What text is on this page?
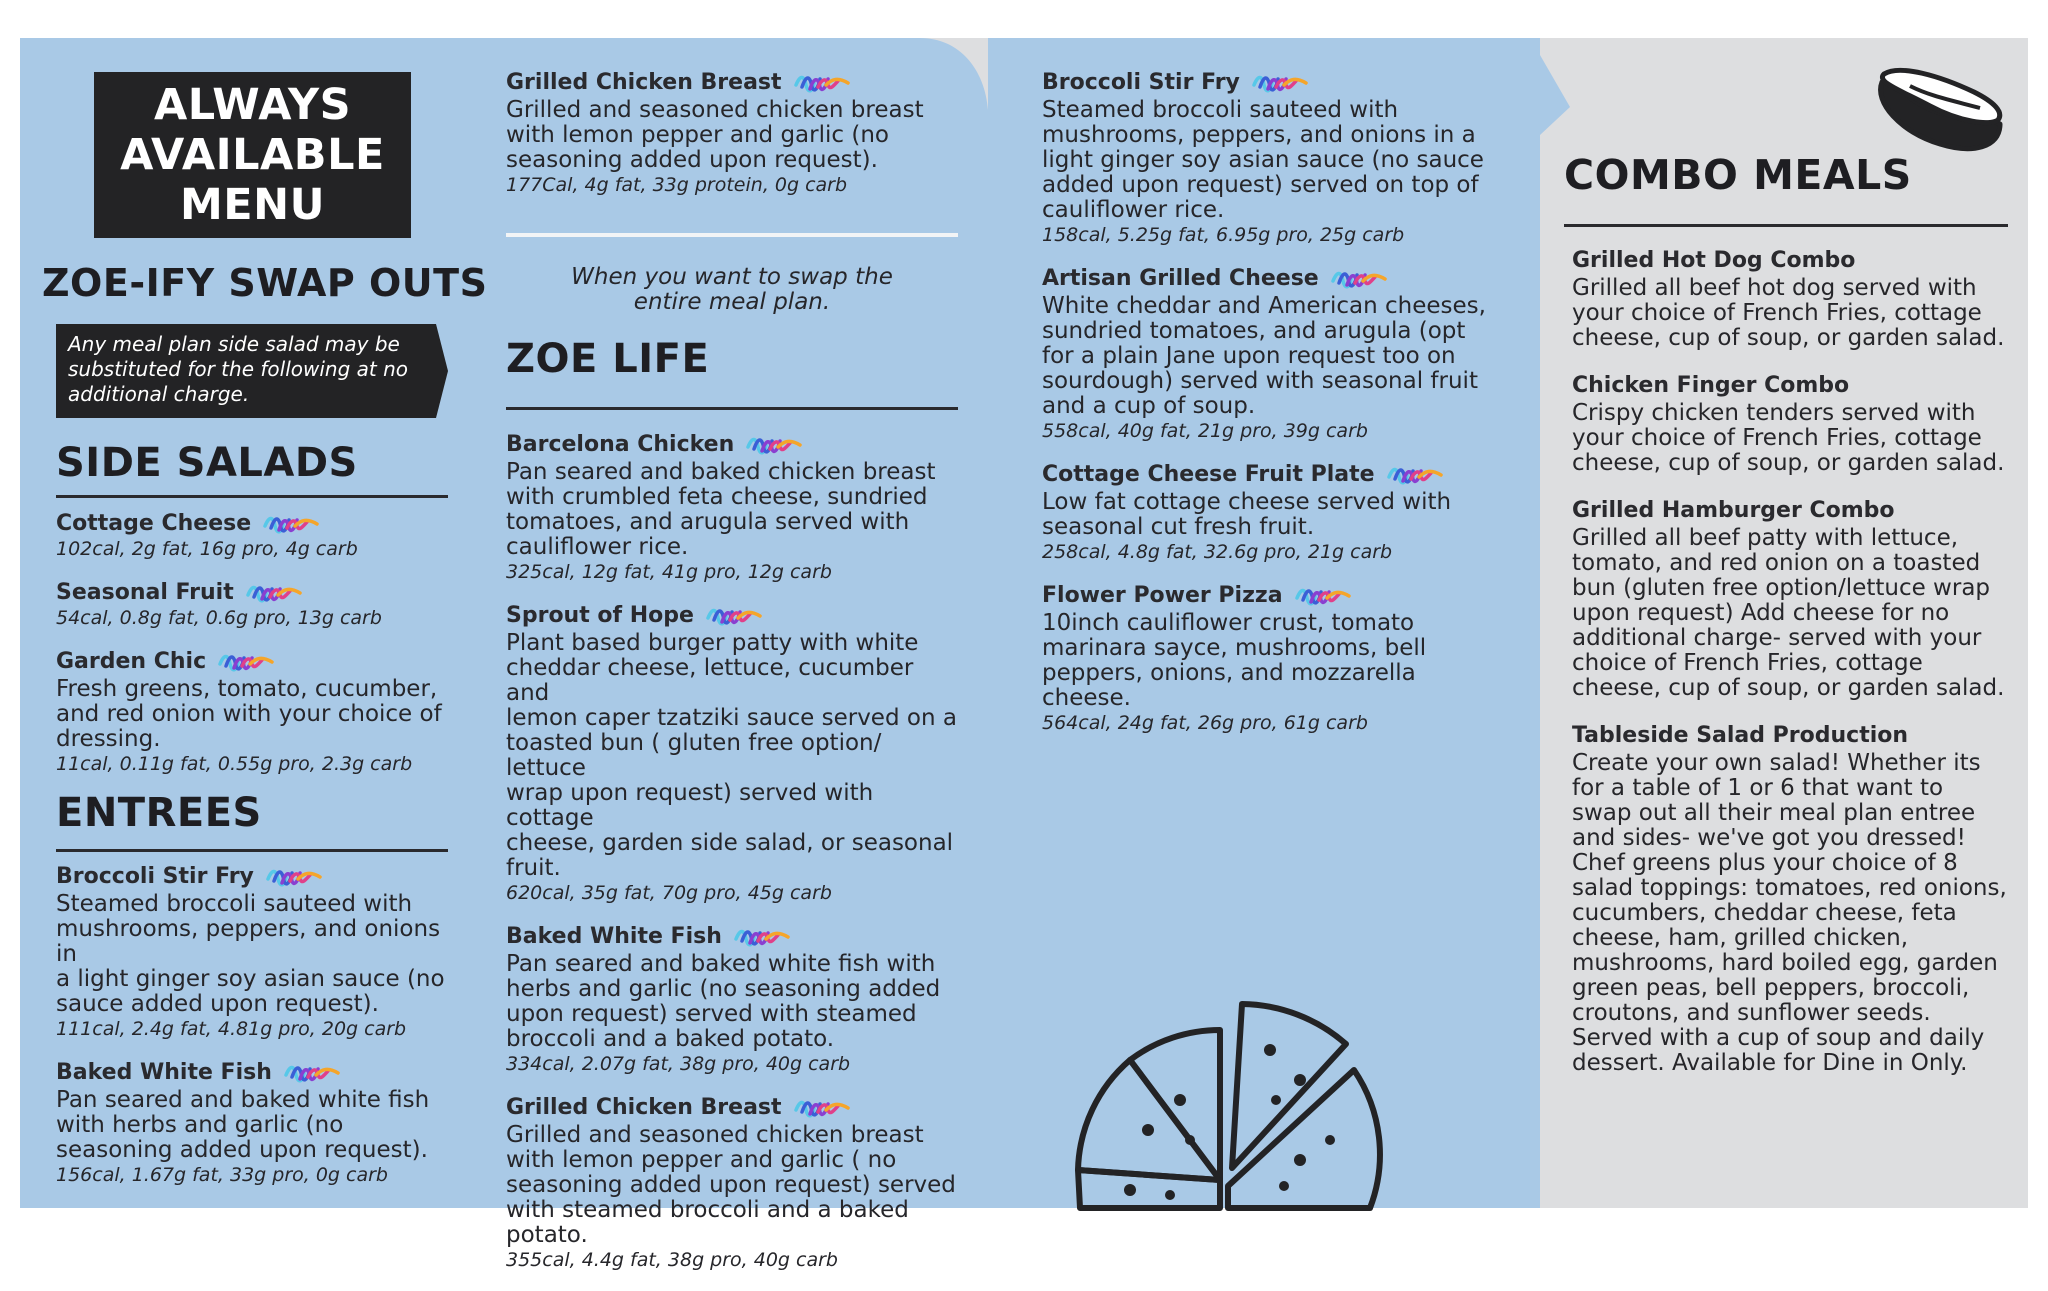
ALWAYS
AVAILABLE
MENU
ZOE-IFY SWAP OUTS
Any meal plan side salad may be
substituted for the following at no
additional charge.
SIDE SALADS
Cottage Cheese
102cal, 2g fat, 16g pro, 4g carb
Seasonal Fruit
54cal, 0.8g fat, 0.6g pro, 13g carb
Garden Chic
Fresh greens, tomato, cucumber,
and red onion with your choice of
dressing.
11cal, 0.11g fat, 0.55g pro, 2.3g carb
ENTREES
Broccoli Stir Fry
Steamed broccoli sauteed with
mushrooms, peppers, and onions in
a light ginger soy asian sauce (no
sauce added upon request).
111cal, 2.4g fat, 4.81g pro, 20g carb
Baked White Fish
Pan seared and baked white fish
with herbs and garlic (no
seasoning added upon request).
156cal, 1.67g fat, 33g pro, 0g carb
Grilled Chicken Breast
Grilled and seasoned chicken breast
with lemon pepper and garlic (no
seasoning added upon request).
177Cal, 4g fat, 33g protein, 0g carb
When you want to swap the
entire meal plan.
ZOE LIFE
Barcelona Chicken
Pan seared and baked chicken breast
with crumbled feta cheese, sundried
tomatoes, and arugula served with
cauliflower rice.
325cal, 12g fat, 41g pro, 12g carb
Sprout of Hope
Plant based burger patty with white
cheddar cheese, lettuce, cucumber and
lemon caper tzatziki sauce served on a
toasted bun ( gluten free option/ lettuce
wrap upon request) served with cottage
cheese, garden side salad, or seasonal fruit.
620cal, 35g fat, 70g pro, 45g carb
Baked White Fish
Pan seared and baked white fish with
herbs and garlic (no seasoning added
upon request) served with steamed
broccoli and a baked potato.
334cal, 2.07g fat, 38g pro, 40g carb
Grilled Chicken Breast
Grilled and seasoned chicken breast
with lemon pepper and garlic ( no
seasoning added upon request) served
with steamed broccoli and a baked
potato.
355cal, 4.4g fat, 38g pro, 40g carb
Broccoli Stir Fry
Steamed broccoli sauteed with
mushrooms, peppers, and onions in a
light ginger soy asian sauce (no sauce
added upon request) served on top of
cauliflower rice.
158cal, 5.25g fat, 6.95g pro, 25g carb
Artisan Grilled Cheese
White cheddar and American cheeses,
sundried tomatoes, and arugula (opt
for a plain Jane upon request too on
sourdough) served with seasonal fruit
and a cup of soup.
558cal, 40g fat, 21g pro, 39g carb
Cottage Cheese Fruit Plate
Low fat cottage cheese served with
seasonal cut fresh fruit.
258cal, 4.8g fat, 32.6g pro, 21g carb
Flower Power Pizza
10inch cauliflower crust, tomato
marinara sayce, mushrooms, bell
peppers, onions, and mozzarella
cheese.
564cal, 24g fat, 26g pro, 61g carb
COMBO MEALS
Grilled Hot Dog Combo
Grilled all beef hot dog served with
your choice of French Fries, cottage
cheese, cup of soup, or garden salad.
Chicken Finger Combo
Crispy chicken tenders served with
your choice of French Fries, cottage
cheese, cup of soup, or garden salad.
Grilled Hamburger Combo
Grilled all beef patty with lettuce,
tomato, and red onion on a toasted
bun (gluten free option/lettuce wrap
upon request) Add cheese for no
additional charge- served with your
choice of French Fries, cottage
cheese, cup of soup, or garden salad.
Tableside Salad Production
Create your own salad! Whether its
for a table of 1 or 6 that want to
swap out all their meal plan entree
and sides- we've got you dressed!
Chef greens plus your choice of 8
salad toppings: tomatoes, red onions,
cucumbers, cheddar cheese, feta
cheese, ham, grilled chicken,
mushrooms, hard boiled egg, garden
green peas, bell peppers, broccoli,
croutons, and sunflower seeds.
Served with a cup of soup and daily
dessert. Available for Dine in Only.
